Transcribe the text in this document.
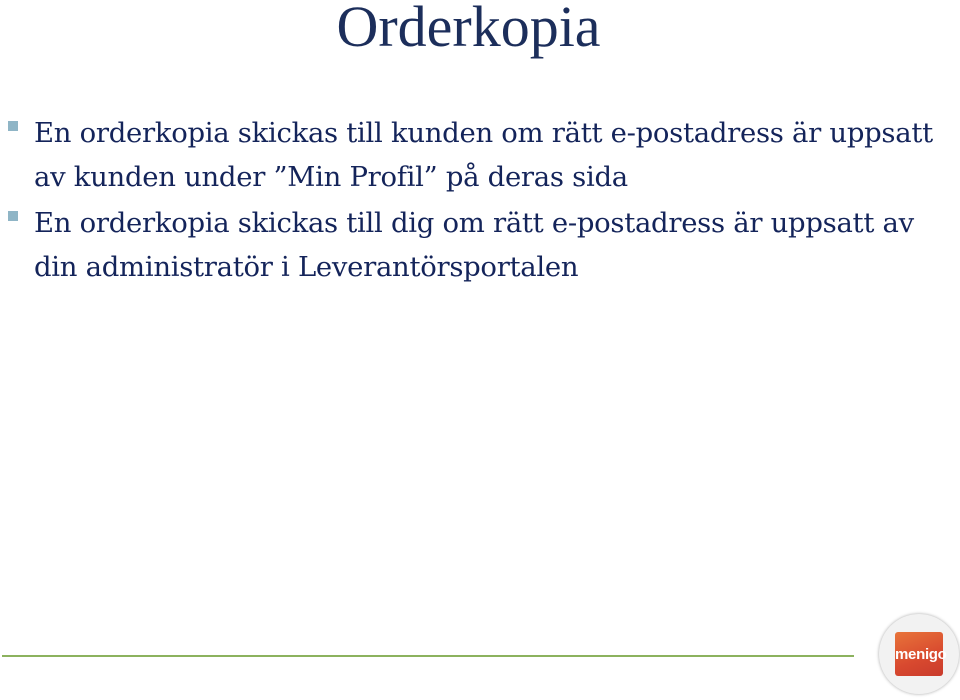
Orderkopia
En orderkopia skickas till kunden om rätt e-postadress är uppsatt av kunden under ”Min Profil” på deras sida
En orderkopia skickas till dig om rätt e-postadress är uppsatt av din administratör i Leverantörsportalen
menigo
